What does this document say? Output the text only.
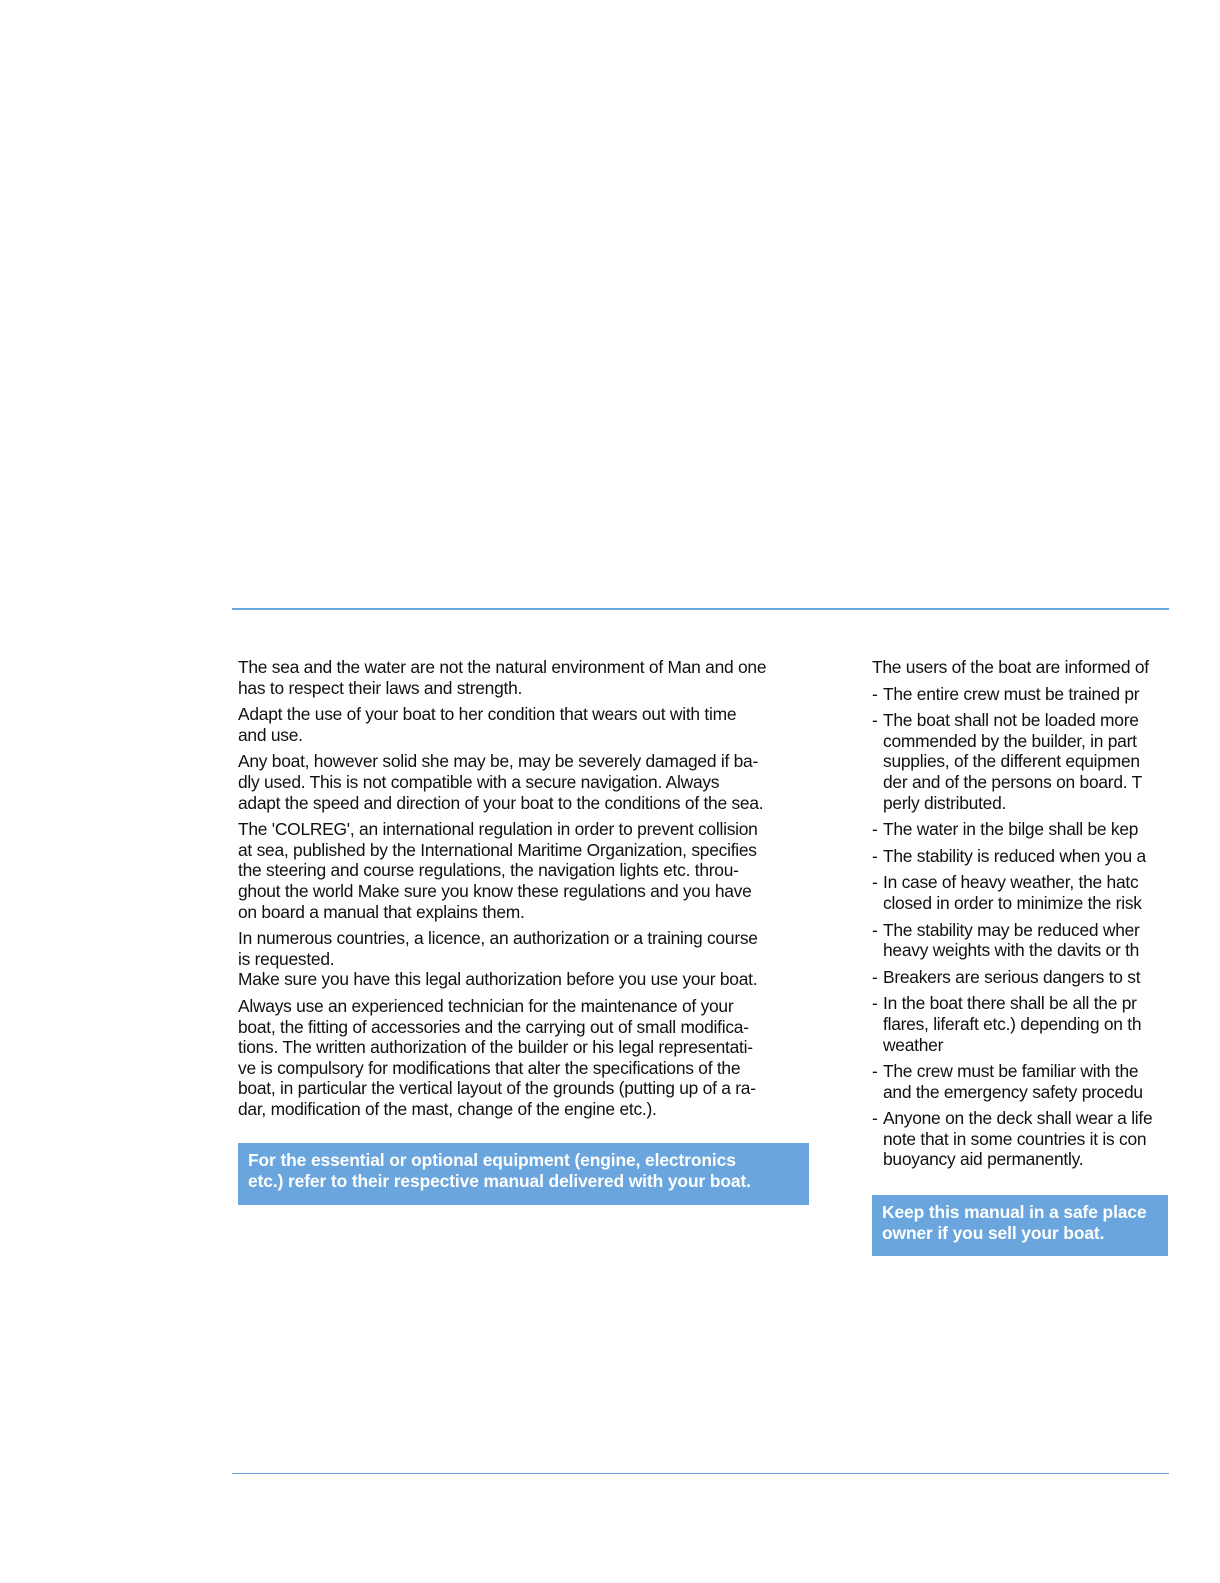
The sea and the water are not the natural environment of Man and one
has to respect their laws and strength.

Adapt the use of your boat to her condition that wears out with time
and use.

Any boat, however solid she may be, may be severely damaged if ba-
dly used. This is not compatible with a secure navigation. Always
adapt the speed and direction of your boat to the conditions of the sea.

The 'COLREG', an international regulation in order to prevent collision
at sea, published by the International Maritime Organization, specifies
the steering and course regulations, the navigation lights etc. throu-
ghout the world Make sure you know these regulations and you have
on board a manual that explains them.

In numerous countries, a licence, an authorization or a training course
is requested.

Make sure you have this legal authorization before you use your boat.

Always use an experienced technician for the maintenance of your
boat, the fitting of accessories and the carrying out of small modifica-
tions. The written authorization of the builder or his legal representati-
ve is compulsory for modifications that alter the specifications of the
boat, in particular the vertical layout of the grounds (putting up of a ra-
dar, modification of the mast, change of the engine etc.).

For the essential or optional equipment (engine, electronics
etc.) refer to their respective manual delivered with your boat.

The users of the boat are informed of

- The entire crew must be trained pr
- The boat shall not be loaded more
commended by the builder, in part
supplies, of the different equipmen
der and of the persons on board. T
perly distributed.
- The water in the bilge shall be kep
- The stability is reduced when you a
- In case of heavy weather, the hatc
closed in order to minimize the risk
- The stability may be reduced wher
heavy weights with the davits or th
- Breakers are serious dangers to st
- In the boat there shall be all the pr
flares, liferaft etc.) depending on th
weather
- The crew must be familiar with the
and the emergency safety procedu
- Anyone on the deck shall wear a life
note that in some countries it is con
buoyancy aid permanently.
Keep this manual in a safe place
owner if you sell your boat.
